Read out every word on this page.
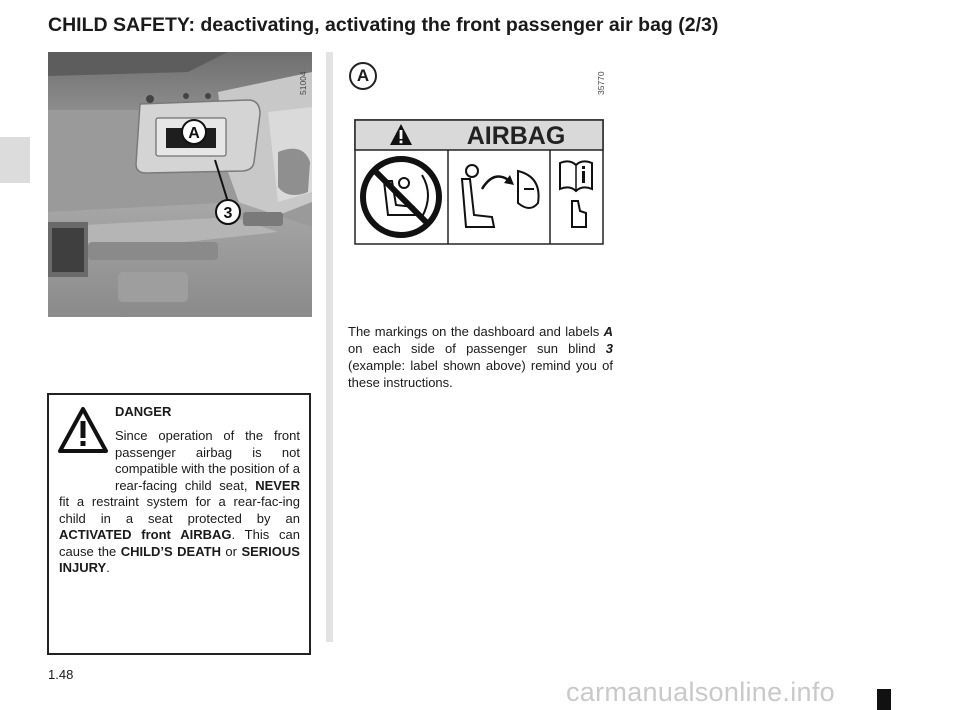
CHILD SAFETY: deactivating, activating the front passenger air bag (2/3)
A
3
51004	A	35770
AIRBAG

The markings on the dashboard and labels A on each side of passenger sun blind 3 (example: label shown above) remind you of these instructions.

DANGER

Since operation of the front passenger airbag is not compatible with the position of a rear-facing child seat, NEVER fit a restraint system for a rear-fac-ing child in a seat protected by an ACTIVATED front AIRBAG. This can cause the CHILD’S DEATH or SERIOUS INJURY.

1.48
carmanualsonline.info
